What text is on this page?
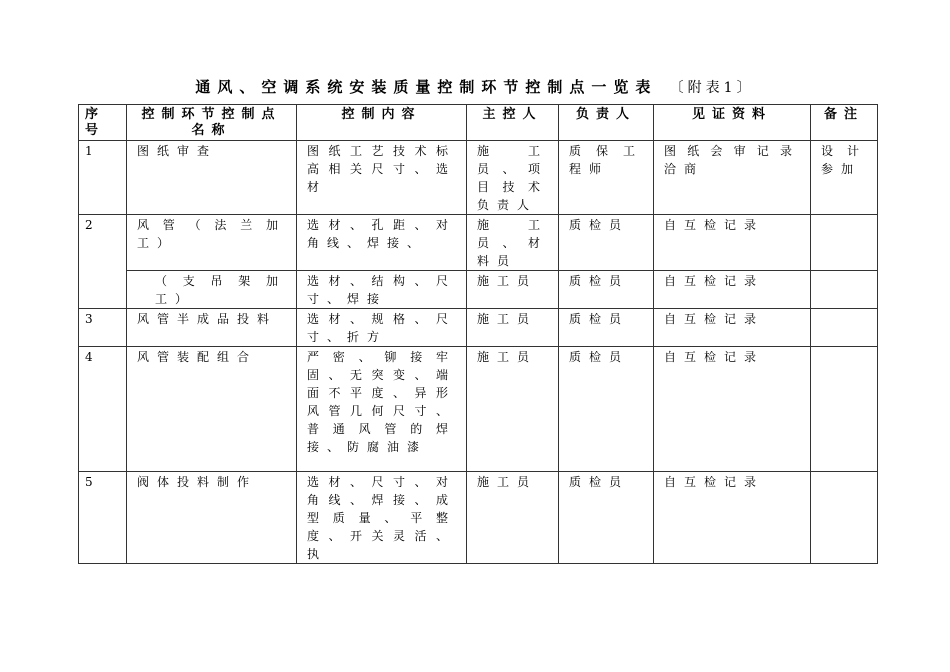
通风、空调系统安装质量控制环节控制点一览表 〔附表1〕
序号	控制环节控制点名称	控制内容	主控人	负责人	见证资料	备注
1	图纸审查	图纸工艺技术标高相关尺寸、选材	施工员、项目技术负责人	质保工程师	图纸会审记录洽商	设计参加
2	风管（法兰加工）	选材、孔距、对角线、焊接、	施工员、材料员	质检员	自互检记录	
	（支吊架加工）	选材、结构、尺寸、焊接	施工员	质检员	自互检记录	
3	风管半成品投料	选材、规格、尺寸、折方	施工员	质检员	自互检记录	
4	风管装配组合	严密、铆接牢固、无突变、端面不平度、异形风管几何尺寸、普通风管的焊接、防腐油漆	施工员	质检员	自互检记录	
5	阀体投料制作	选材、尺寸、对角线、焊接、成型质量、平整度、开关灵活、执	施工员	质检员	自互检记录	
